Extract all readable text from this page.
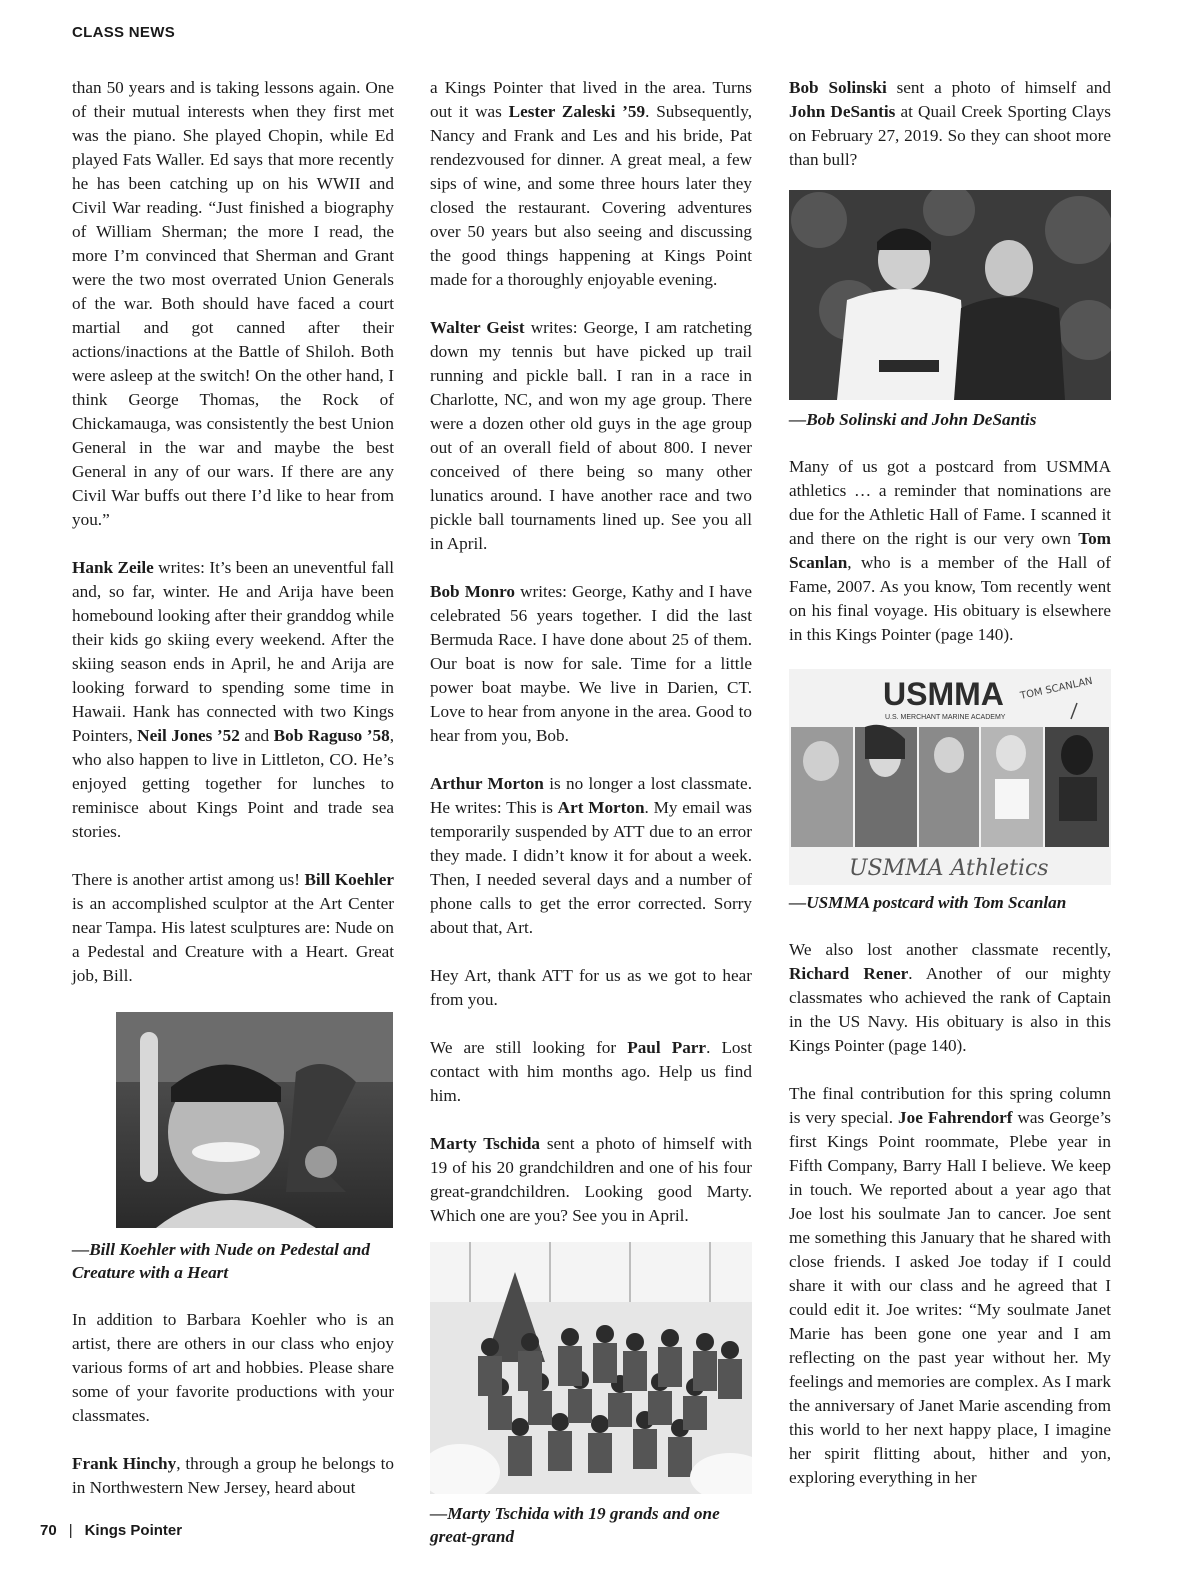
CLASS NEWS

than 50 years and is taking lessons again. One of their mutual interests when they first met was the piano. She played Chopin, while Ed played Fats Waller. Ed says that more recently he has been catching up on his WWII and Civil War reading. “Just finished a biography of William Sherman; the more I read, the more I’m convinced that Sherman and Grant were the two most overrated Union Generals of the war. Both should have faced a court martial and got canned after their actions/inactions at the Battle of Shiloh. Both were asleep at the switch! On the other hand, I think George Thomas, the Rock of Chickamauga, was consistently the best Union General in the war and maybe the best General in any of our wars. If there are any Civil War buffs out there I’d like to hear from you.”

Hank Zeile writes: It’s been an uneventful fall and, so far, winter. He and Arija have been homebound looking after their granddog while their kids go skiing every weekend. After the skiing season ends in April, he and Arija are looking forward to spending some time in Hawaii. Hank has connected with two Kings Pointers, Neil Jones ’52 and Bob Raguso ’58, who also happen to live in Littleton, CO. He’s enjoyed getting together for lunches to reminisce about Kings Point and trade sea stories.

There is another artist among us! Bill Koehler is an accomplished sculptor at the Art Center near Tampa. His latest sculptures are: Nude on a Pedestal and Creature with a Heart. Great job, Bill.

—Bill Koehler with Nude on Pedestal and Creature with a Heart

In addition to Barbara Koehler who is an artist, there are others in our class who enjoy various forms of art and hobbies. Please share some of your favorite productions with your classmates.

Frank Hinchy, through a group he belongs to in Northwestern New Jersey, heard about

a Kings Pointer that lived in the area. Turns out it was Lester Zaleski ’59. Subsequently, Nancy and Frank and Les and his bride, Pat rendezvoused for dinner. A great meal, a few sips of wine, and some three hours later they closed the restaurant. Covering adventures over 50 years but also seeing and discussing the good things happening at Kings Point made for a thoroughly enjoyable evening.

Walter Geist writes: George, I am ratcheting down my tennis but have picked up trail running and pickle ball. I ran in a race in Charlotte, NC, and won my age group. There were a dozen other old guys in the age group out of an overall field of about 800. I never conceived of there being so many other lunatics around. I have another race and two pickle ball tournaments lined up. See you all in April.

Bob Monro writes: George, Kathy and I have celebrated 56 years together. I did the last Bermuda Race. I have done about 25 of them. Our boat is now for sale. Time for a little power boat maybe. We live in Darien, CT. Love to hear from anyone in the area. Good to hear from you, Bob.

Arthur Morton is no longer a lost classmate. He writes: This is Art Morton. My email was temporarily suspended by ATT due to an error they made. I didn’t know it for about a week. Then, I needed several days and a number of phone calls to get the error corrected. Sorry about that, Art.

Hey Art, thank ATT for us as we got to hear from you.

We are still looking for Paul Parr. Lost contact with him months ago. Help us find him.

Marty Tschida sent a photo of himself with 19 of his 20 grandchildren and one of his four great-grandchildren. Looking good Marty. Which one are you? See you in April.

—Marty Tschida with 19 grands and one great-grand

Bob Solinski sent a photo of himself and John DeSantis at Quail Creek Sporting Clays on February 27, 2019. So they can shoot more than bull?

—Bob Solinski and John DeSantis

Many of us got a postcard from USMMA athletics … a reminder that nominations are due for the Athletic Hall of Fame. I scanned it and there on the right is our very own Tom Scanlan, who is a member of the Hall of Fame, 2007. As you know, Tom recently went on his final voyage. His obituary is elsewhere in this Kings Pointer (page 140).

USMMA
U.S. MERCHANT MARINE ACADEMY
TOM SCANLAN
USMMA Athletics
—USMMA postcard with Tom Scanlan

We also lost another classmate recently, Richard Rener. Another of our mighty classmates who achieved the rank of Captain in the US Navy. His obituary is also in this Kings Pointer (page 140).

The final contribution for this spring column is very special. Joe Fahrendorf was George’s first Kings Point roommate, Plebe year in Fifth Company, Barry Hall I believe. We keep in touch. We reported about a year ago that Joe lost his soulmate Jan to cancer. Joe sent me something this January that he shared with close friends. I asked Joe today if I could share it with our class and he agreed that I could edit it. Joe writes: “My soulmate Janet Marie has been gone one year and I am reflecting on the past year without her. My feelings and memories are complex. As I mark the anniversary of Janet Marie ascending from this world to her next happy place, I imagine her spirit flitting about, hither and yon, exploring everything in her

70 | Kings Pointer
